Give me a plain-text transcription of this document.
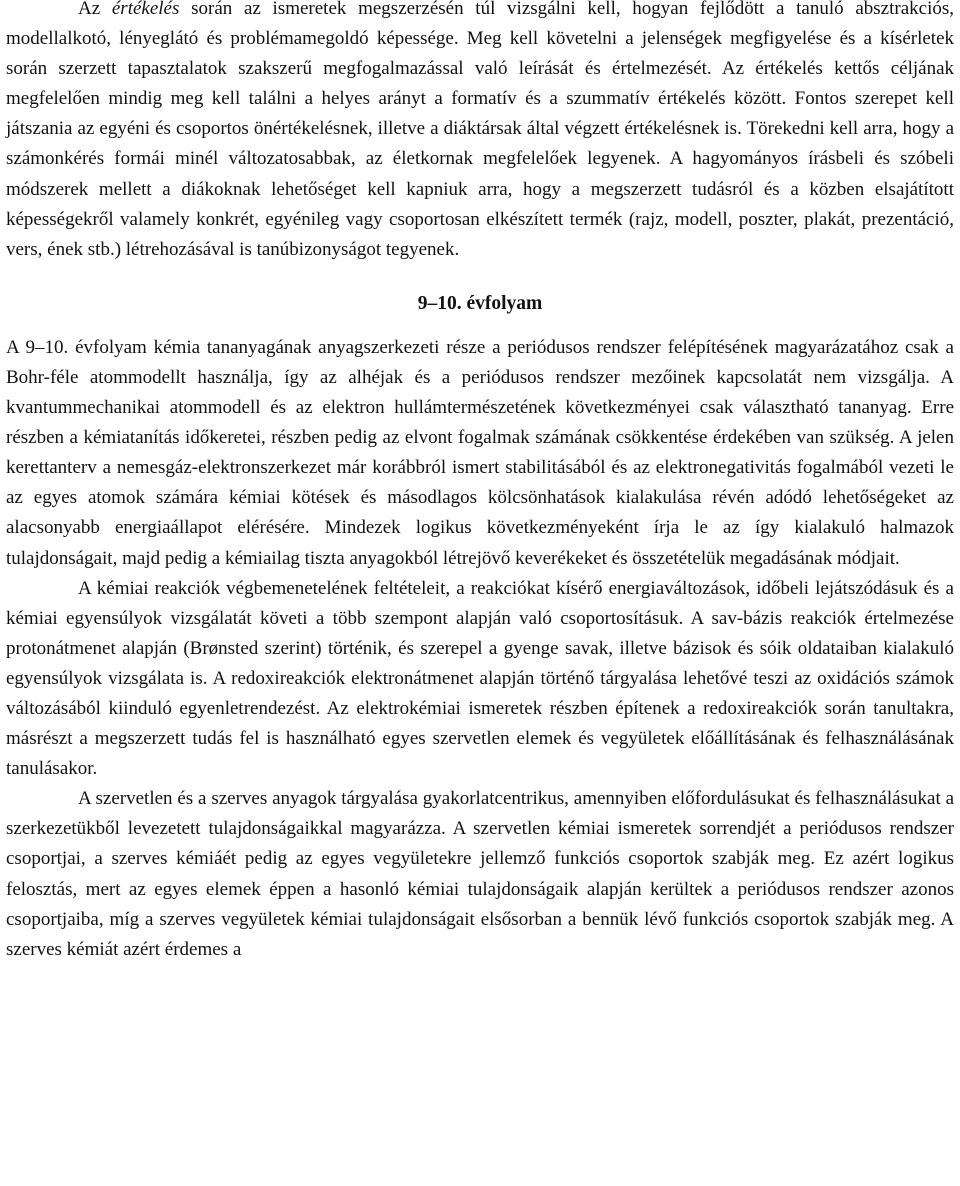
Az értékelés során az ismeretek megszerzésén túl vizsgálni kell, hogyan fejlődött a tanuló absztrakciós, modellalkotó, lényeglátó és problémamegoldó képessége. Meg kell követelni a jelenségek megfigyelése és a kísérletek során szerzett tapasztalatok szakszerű megfogalmazással való leírását és értelmezését. Az értékelés kettős céljának megfelelően mindig meg kell találni a helyes arányt a formatív és a szummatív értékelés között. Fontos szerepet kell játszania az egyéni és csoportos önértékelésnek, illetve a diáktársak által végzett értékelésnek is. Törekedni kell arra, hogy a számonkérés formái minél változatosabbak, az életkornak megfelelőek legyenek. A hagyományos írásbeli és szóbeli módszerek mellett a diákoknak lehetőséget kell kapniuk arra, hogy a megszerzett tudásról és a közben elsajátított képességekről valamely konkrét, egyénileg vagy csoportosan elkészített termék (rajz, modell, poszter, plakát, prezentáció, vers, ének stb.) létrehozásával is tanúbizonyságot tegyenek.

9–10. évfolyam

A 9–10. évfolyam kémia tananyagának anyagszerkezeti része a periódusos rendszer felépítésének magyarázatához csak a Bohr-féle atommodellt használja, így az alhéjak és a periódusos rendszer mezőinek kapcsolatát nem vizsgálja. A kvantummechanikai atommodell és az elektron hullámtermészetének következményei csak választható tananyag. Erre részben a kémiatanítás időkeretei, részben pedig az elvont fogalmak számának csökkentése érdekében van szükség. A jelen kerettanterv a nemesgáz-elektronszerkezet már korábbról ismert stabilitásából és az elektronegativitás fogalmából vezeti le az egyes atomok számára kémiai kötések és másodlagos kölcsönhatások kialakulása révén adódó lehetőségeket az alacsonyabb energiaállapot elérésére. Mindezek logikus következményeként írja le az így kialakuló halmazok tulajdonságait, majd pedig a kémiailag tiszta anyagokból létrejövő keverékeket és összetételük megadásának módjait.

A kémiai reakciók végbemenetelének feltételeit, a reakciókat kísérő energiaváltozások, időbeli lejátszódásuk és a kémiai egyensúlyok vizsgálatát követi a több szempont alapján való csoportosításuk. A sav-bázis reakciók értelmezése protonátmenet alapján (Brønsted szerint) történik, és szerepel a gyenge savak, illetve bázisok és sóik oldataiban kialakuló egyensúlyok vizsgálata is. A redoxireakciók elektronátmenet alapján történő tárgyalása lehetővé teszi az oxidációs számok változásából kiinduló egyenletrendezést. Az elektrokémiai ismeretek részben építenek a redoxireakciók során tanultakra, másrészt a megszerzett tudás fel is használható egyes szervetlen elemek és vegyületek előállításának és felhasználásának tanulásakor.

A szervetlen és a szerves anyagok tárgyalása gyakorlatcentrikus, amennyiben előfordulásukat és felhasználásukat a szerkezetükből levezetett tulajdonságaikkal magyarázza. A szervetlen kémiai ismeretek sorrendjét a periódusos rendszer csoportjai, a szerves kémiáét pedig az egyes vegyületekre jellemző funkciós csoportok szabják meg. Ez azért logikus felosztás, mert az egyes elemek éppen a hasonló kémiai tulajdonságaik alapján kerültek a periódusos rendszer azonos csoportjaiba, míg a szerves vegyületek kémiai tulajdonságait elsősorban a bennük lévő funkciós csoportok szabják meg. A szerves kémiát azért érdemes a
